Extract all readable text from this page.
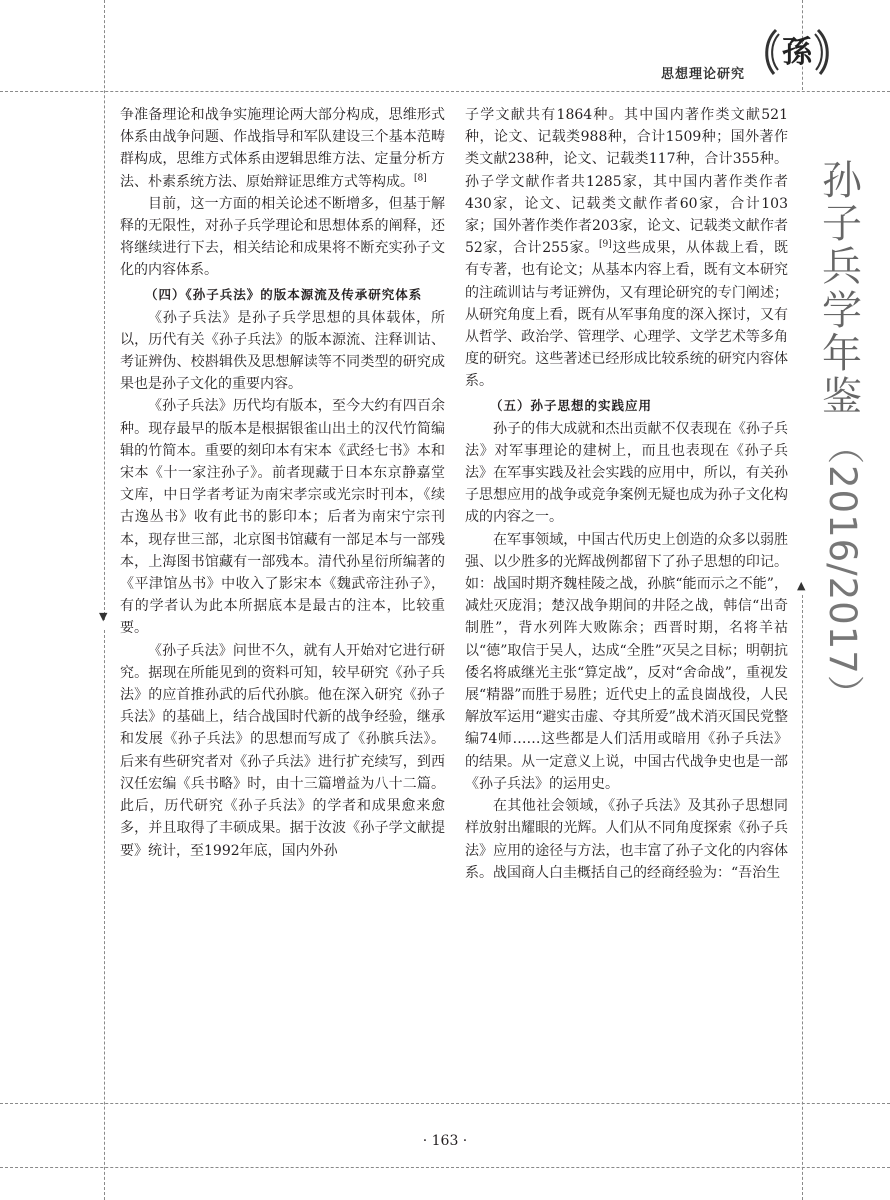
▼
▲
思想理论研究
孫
孙
子
兵
学
年
鉴
（2016/2017）

争准备理论和战争实施理论两大部分构成，思维形式体系由战争问题、作战指导和军队建设三个基本范畴群构成，思维方式体系由逻辑思维方法、定量分析方法、朴素系统方法、原始辩证思维方式等构成。[8]

目前，这一方面的相关论述不断增多，但基于解释的无限性，对孙子兵学理论和思想体系的阐释，还将继续进行下去，相关结论和成果将不断充实孙子文化的内容体系。

（四）《孙子兵法》的版本源流及传承研究体系

《孙子兵法》是孙子兵学思想的具体载体，所以，历代有关《孙子兵法》的版本源流、注释训诂、考证辨伪、校斟辑佚及思想解读等不同类型的研究成果也是孙子文化的重要内容。

《孙子兵法》历代均有版本，至今大约有四百余种。现存最早的版本是根据银雀山出土的汉代竹简编辑的竹简本。重要的刻印本有宋本《武经七书》本和宋本《十一家注孙子》。前者现藏于日本东京静嘉堂文库，中日学者考证为南宋孝宗或光宗时刊本，《续古逸丛书》收有此书的影印本；后者为南宋宁宗刊本，现存世三部，北京图书馆藏有一部足本与一部残本，上海图书馆藏有一部残本。清代孙星衍所编著的《平津馆丛书》中收入了影宋本《魏武帝注孙子》，有的学者认为此本所据底本是最古的注本，比较重要。

《孙子兵法》问世不久，就有人开始对它进行研究。据现在所能见到的资料可知，较早研究《孙子兵法》的应首推孙武的后代孙膑。他在深入研究《孙子兵法》的基础上，结合战国时代新的战争经验，继承和发展《孙子兵法》的思想而写成了《孙膑兵法》。后来有些研究者对《孙子兵法》进行扩充续写，到西汉任宏编《兵书略》时，由十三篇增益为八十二篇。此后，历代研究《孙子兵法》的学者和成果愈来愈多，并且取得了丰硕成果。据于汝波《孙子学文献提要》统计，至1992年底，国内外孙

子学文献共有1864种。其中国内著作类文献521种，论文、记载类988种，合计1509种；国外著作类文献238种，论文、记载类117种，合计355种。孙子学文献作者共1285家，其中国内著作类作者430家，论文、记载类文献作者60家，合计103家；国外著作类作者203家，论文、记载类文献作者52家，合计255家。[9]这些成果，从体裁上看，既有专著，也有论文；从基本内容上看，既有文本研究的注疏训诂与考证辨伪，又有理论研究的专门阐述；从研究角度上看，既有从军事角度的深入探讨，又有从哲学、政治学、管理学、心理学、文学艺术等多角度的研究。这些著述已经形成比较系统的研究内容体系。

（五）孙子思想的实践应用

孙子的伟大成就和杰出贡献不仅表现在《孙子兵法》对军事理论的建树上，而且也表现在《孙子兵法》在军事实践及社会实践的应用中，所以，有关孙子思想应用的战争或竞争案例无疑也成为孙子文化构成的内容之一。

在军事领域，中国古代历史上创造的众多以弱胜强、以少胜多的光辉战例都留下了孙子思想的印记。如：战国时期齐魏桂陵之战，孙膑“能而示之不能”，减灶灭庞涓；楚汉战争期间的井陉之战，韩信“出奇制胜”，背水列阵大败陈余；西晋时期，名将羊祜以“德”取信于吴人，达成“全胜”灭吴之目标；明朝抗倭名将戚继光主张“算定战”，反对“舍命战”，重视发展“精器”而胜于易胜；近代史上的孟良崮战役，人民解放军运用“避实击虚、夺其所爱”战术消灭国民党整编74师……这些都是人们活用或暗用《孙子兵法》的结果。从一定意义上说，中国古代战争史也是一部《孙子兵法》的运用史。

在其他社会领域，《孙子兵法》及其孙子思想同样放射出耀眼的光辉。人们从不同角度探索《孙子兵法》应用的途径与方法，也丰富了孙子文化的内容体系。战国商人白圭概括自己的经商经验为：“吾治生

· 163 ·
